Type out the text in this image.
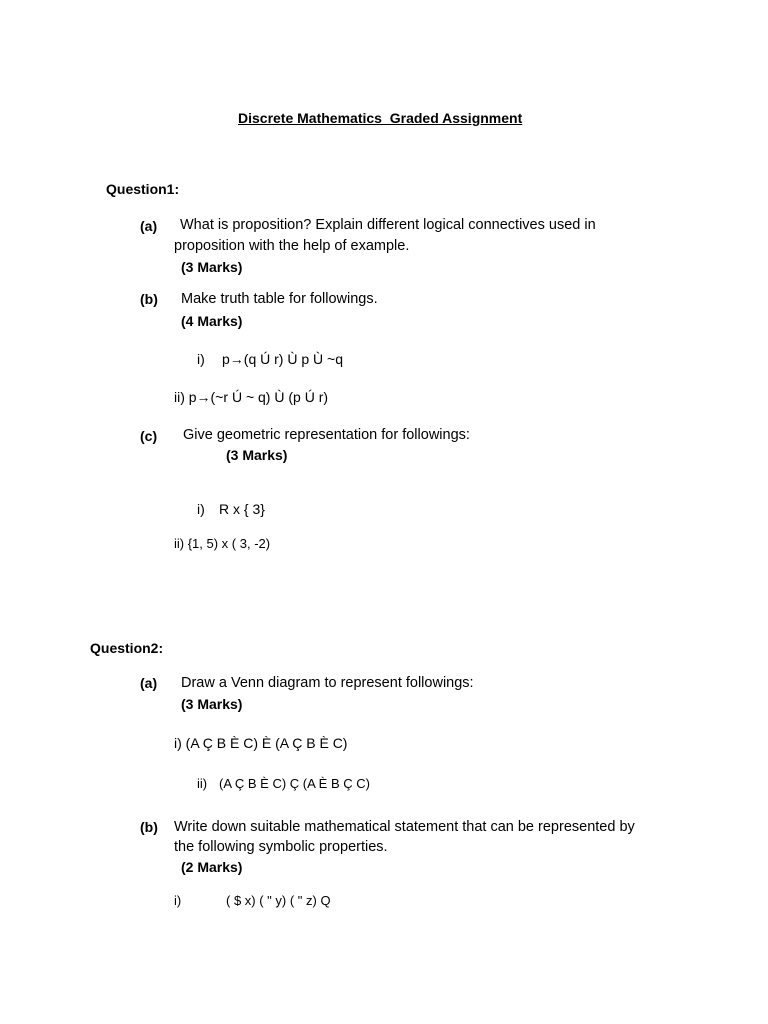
Discrete Mathematics_Graded Assignment
Question1:
(a) What is proposition? Explain different logical connectives used in
proposition with the help of example.
(3 Marks)
(b) Make truth table for followings.
(4 Marks)
i) p→(q Ú r) Ù p Ù ~q
ii) p→(~r Ú ~ q) Ù (p Ú r)
(c) Give geometric representation for followings:
(3 Marks)
i) R x { 3}
ii) {1, 5) x ( 3, -2)
Question2:
(a) Draw a Venn diagram to represent followings:
(3 Marks)
i) (A Ç B È C) È (A Ç B È C)
ii) (A Ç B È C) Ç (A È B Ç C)
(b) Write down suitable mathematical statement that can be represented by
the following symbolic properties.
(2 Marks)
i)	( $ x) ( " y) ( " z) Q
